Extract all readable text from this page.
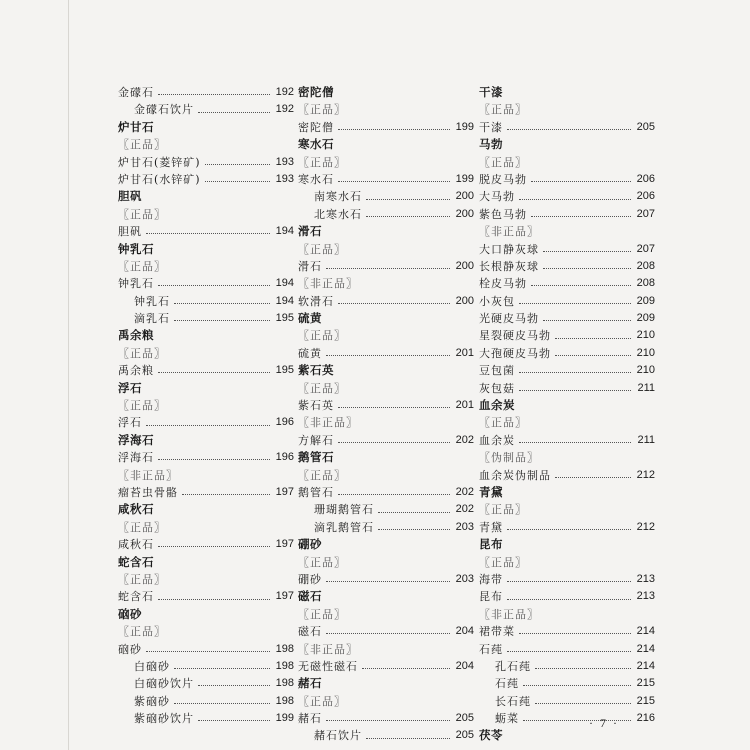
金礞石	192
金礞石饮片	192
炉甘石
〖正品〗
炉甘石(菱锌矿)	193
炉甘石(水锌矿)	193
胆矾
〖正品〗
胆矾	194
钟乳石
〖正品〗
钟乳石	194
钟乳石	194
滴乳石	195
禹余粮
〖正品〗
禹余粮	195
浮石
〖正品〗
浮石	196
浮海石
浮海石	196
〖非正品〗
瘤苔虫骨骼	197
咸秋石
〖正品〗
咸秋石	197
蛇含石
〖正品〗
蛇含石	197
硇砂
〖正品〗
硇砂	198
白硇砂	198
白硇砂饮片	198
紫硇砂	198
紫硇砂饮片	199
密陀僧
〖正品〗
密陀僧	199
寒水石
〖正品〗
寒水石	199
南寒水石	200
北寒水石	200
滑石
〖正品〗
滑石	200
〖非正品〗
软滑石	200
硫黄
〖正品〗
硫黄	201
紫石英
〖正品〗
紫石英	201
〖非正品〗
方解石	202
鹅管石
〖正品〗
鹅管石	202
珊瑚鹅管石	202
滴乳鹅管石	203
硼砂
〖正品〗
硼砂	203
磁石
〖正品〗
磁石	204
〖非正品〗
无磁性磁石	204
赭石
〖正品〗
赭石	205
赭石饮片	205
干漆
〖正品〗
干漆	205
马勃
〖正品〗
脱皮马勃	206
大马勃	206
紫色马勃	207
〖非正品〗
大口静灰球	207
长根静灰球	208
栓皮马勃	208
小灰包	209
光硬皮马勃	209
星裂硬皮马勃	210
大孢硬皮马勃	210
豆包菌	210
灰包菇	211
血余炭
〖正品〗
血余炭	211
〖伪制品〗
血余炭伪制品	212
青黛
〖正品〗
青黛	212
昆布
〖正品〗
海带	213
昆布	213
〖非正品〗
裙带菜	214
石莼	214
孔石莼	214
石莼	215
长石莼	215
蛎菜	216
茯苓
· 7 ·
